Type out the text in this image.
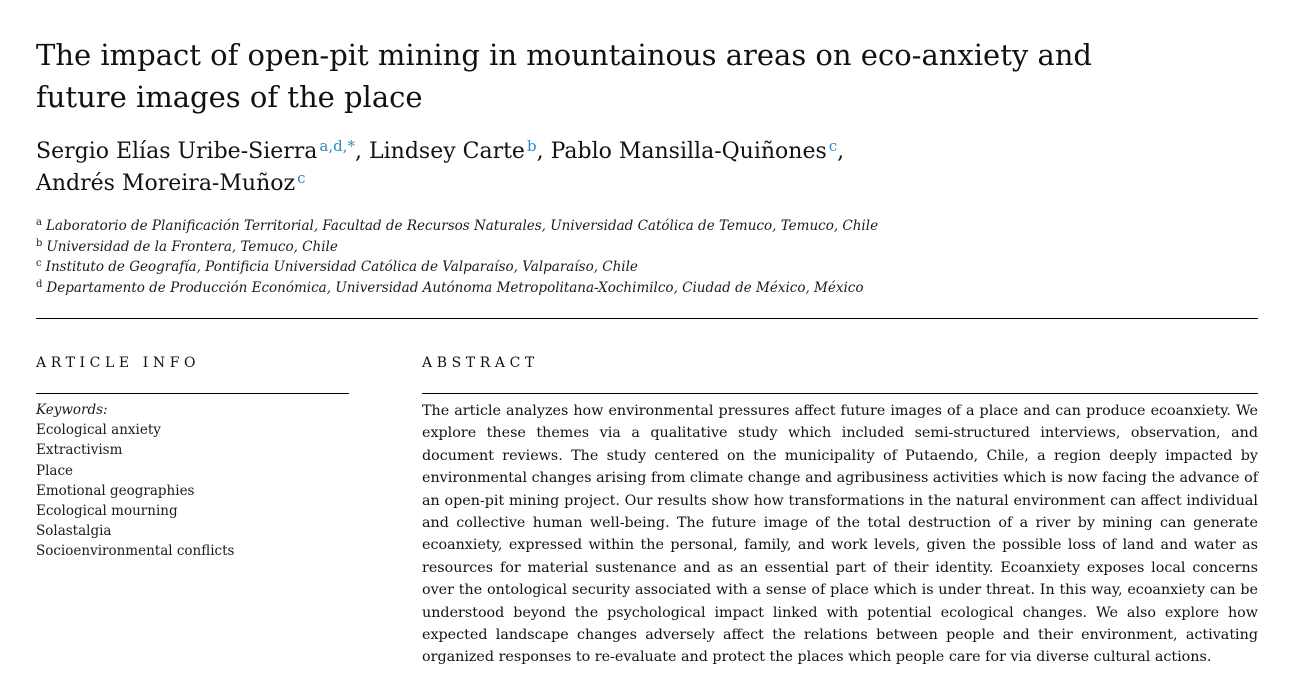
The impact of open-pit mining in mountainous areas on eco-anxiety and future images of the place
Sergio Elías Uribe-Sierra $^{a,d,*}$, Lindsey Carte $^b$, Pablo Mansilla-Quiñones $^c$,
Andrés Moreira-Muñoz $^c$
$^a$ Laboratorio de Planificación Territorial, Facultad de Recursos Naturales, Universidad Católica de Temuco, Temuco, Chile
$^b$ Universidad de la Frontera, Temuco, Chile
$^c$ Instituto de Geografía, Pontificia Universidad Católica de Valparaíso, Valparaíso, Chile
$^d$ Departamento de Producción Económica, Universidad Autónoma Metropolitana-Xochimilco, Ciudad de México, México
ARTICLE INFO	ABSTRACT
Keywords:
Ecological anxiety
Extractivism
Place
Emotional geographies
Ecological mourning
Solastalgia
Socioenvironmental conflicts

The article analyzes how environmental pressures affect future images of a place and can produce ecoanxiety. We explore these themes via a qualitative study which included semi-structured interviews, observation, and document reviews. The study centered on the municipality of Putaendo, Chile, a region deeply impacted by environmental changes arising from climate change and agribusiness activities which is now facing the advance of an open-pit mining project. Our results show how transformations in the natural environment can affect individual and collective human well-being. The future image of the total destruction of a river by mining can generate ecoanxiety, expressed within the personal, family, and work levels, given the possible loss of land and water as resources for material sustenance and as an essential part of their identity. Ecoanxiety exposes local concerns over the ontological security associated with a sense of place which is under threat. In this way, ecoanxiety can be understood beyond the psychological impact linked with potential ecological changes. We also explore how expected landscape changes adversely affect the relations between people and their environment, activating organized responses to re-evaluate and protect the places which people care for via diverse cultural actions.
